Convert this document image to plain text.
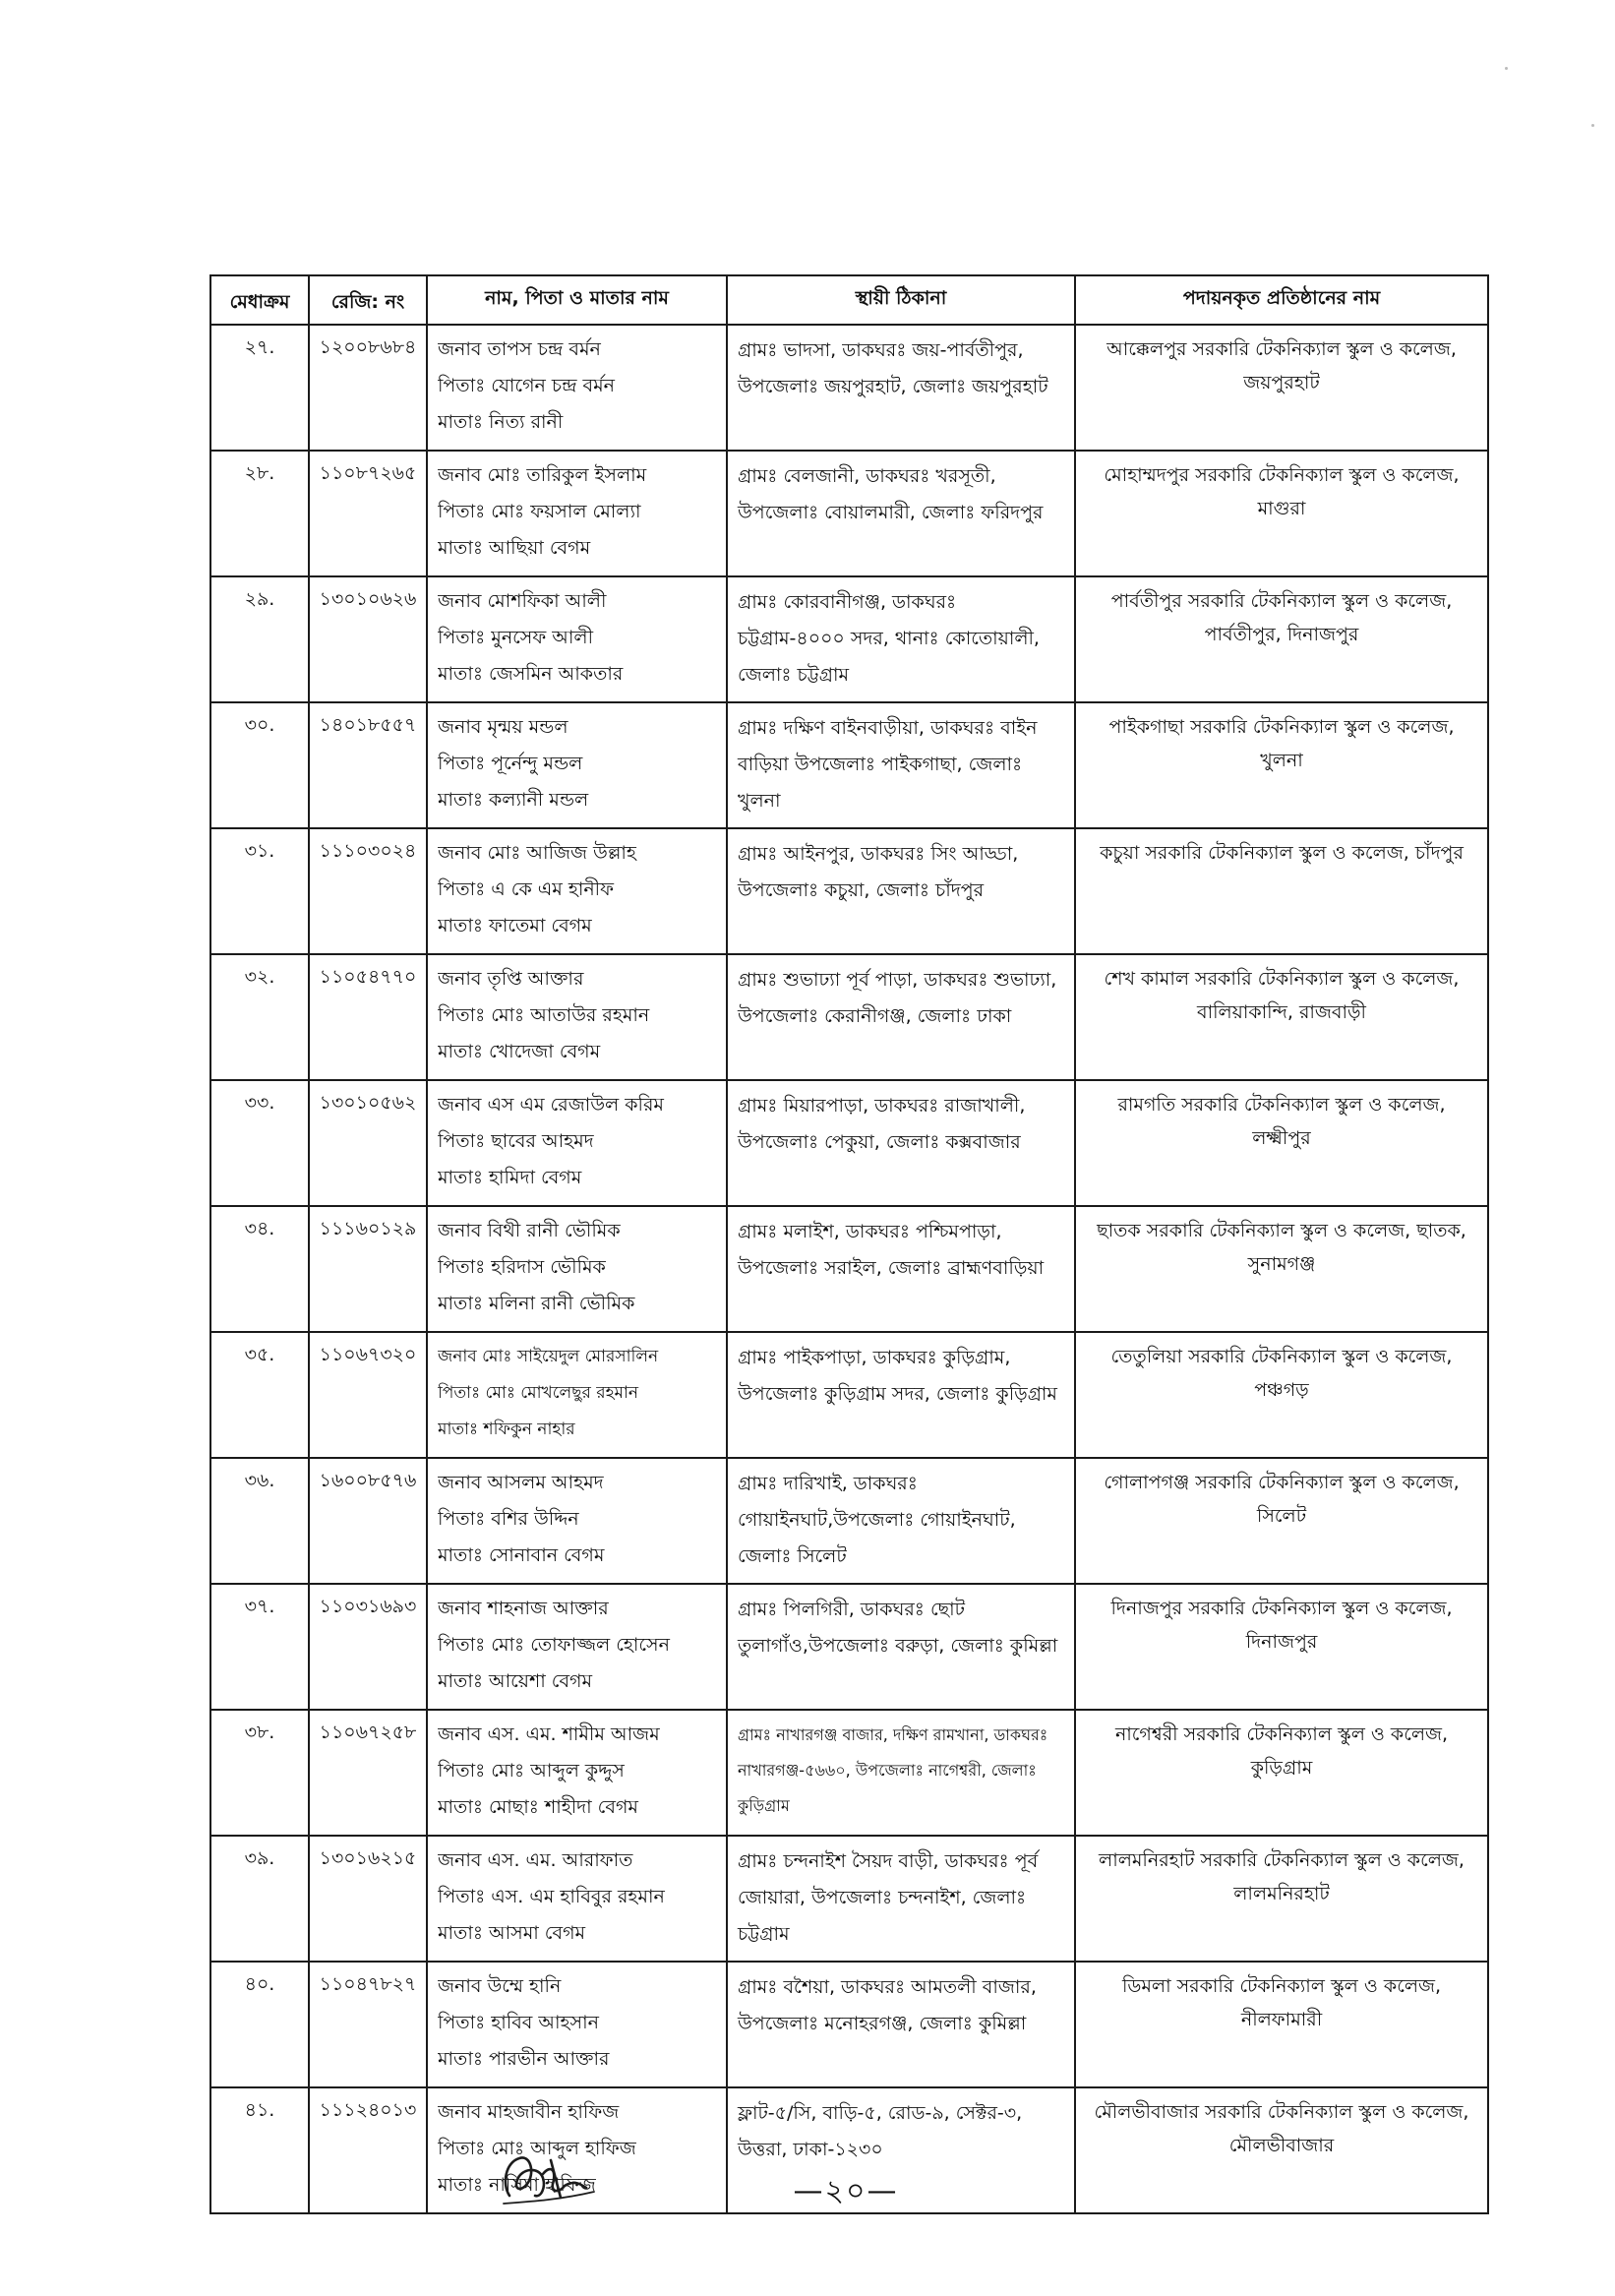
মেধাক্রম	রেজি: নং	নাম, পিতা ও মাতার নাম	স্থায়ী ঠিকানা	পদায়নকৃত প্রতিষ্ঠানের নাম
২৭.	১২০০৮৬৮৪	জনাব তাপস চন্দ্র বর্মন
পিতাঃ যোগেন চন্দ্র বর্মন
মাতাঃ নিত্য রানী	গ্রামঃ ভাদসা, ডাকঘরঃ জয়-পার্বতীপুর, উপজেলাঃ জয়পুরহাট, জেলাঃ জয়পুরহাট	আক্কেলপুর সরকারি টেকনিক্যাল স্কুল ও কলেজ, জয়পুরহাট

২৮.	১১০৮৭২৬৫	জনাব মোঃ তারিকুল ইসলাম
পিতাঃ মোঃ ফয়সাল মোল্যা
মাতাঃ আছিয়া বেগম	গ্রামঃ বেলজানী, ডাকঘরঃ খরসূতী, উপজেলাঃ বোয়ালমারী, জেলাঃ ফরিদপুর	মোহাম্মদপুর সরকারি টেকনিক্যাল স্কুল ও কলেজ, মাগুরা

২৯.	১৩০১০৬২৬	জনাব মোশফিকা আলী
পিতাঃ মুনসেফ আলী
মাতাঃ জেসমিন আকতার	গ্রামঃ কোরবানীগঞ্জ, ডাকঘরঃ চট্টগ্রাম-৪০০০ সদর, থানাঃ কোতোয়ালী, জেলাঃ চট্টগ্রাম	পার্বতীপুর সরকারি টেকনিক্যাল স্কুল ও কলেজ, পার্বতীপুর, দিনাজপুর

৩০.	১৪০১৮৫৫৭	জনাব মৃন্ময় মন্ডল
পিতাঃ পূর্নেন্দু মন্ডল
মাতাঃ কল্যানী মন্ডল	গ্রামঃ দক্ষিণ বাইনবাড়ীয়া, ডাকঘরঃ বাইন বাড়িয়া উপজেলাঃ পাইকগাছা, জেলাঃ খুলনা	পাইকগাছা সরকারি টেকনিক্যাল স্কুল ও কলেজ, খুলনা

৩১.	১১১০৩০২৪	জনাব মোঃ আজিজ উল্লাহ
পিতাঃ এ কে এম হানীফ
মাতাঃ ফাতেমা বেগম	গ্রামঃ আইনপুর, ডাকঘরঃ সিং আড্ডা, উপজেলাঃ কচুয়া, জেলাঃ চাঁদপুর	কচুয়া সরকারি টেকনিক্যাল স্কুল ও কলেজ, চাঁদপুর

৩২.	১১০৫৪৭৭০	জনাব তৃপ্তি আক্তার
পিতাঃ মোঃ আতাউর রহমান
মাতাঃ খোদেজা বেগম	গ্রামঃ শুভাঢ্যা পূর্ব পাড়া, ডাকঘরঃ শুভাঢ্যা, উপজেলাঃ কেরানীগঞ্জ, জেলাঃ ঢাকা	শেখ কামাল সরকারি টেকনিক্যাল স্কুল ও কলেজ, বালিয়াকান্দি, রাজবাড়ী

৩৩.	১৩০১০৫৬২	জনাব এস এম রেজাউল করিম
পিতাঃ ছাবের আহমদ
মাতাঃ হামিদা বেগম	গ্রামঃ মিয়ারপাড়া, ডাকঘরঃ রাজাখালী, উপজেলাঃ পেকুয়া, জেলাঃ কক্সবাজার	রামগতি সরকারি টেকনিক্যাল স্কুল ও কলেজ, লক্ষ্মীপুর

৩৪.	১১১৬০১২৯	জনাব বিথী রানী ভৌমিক
পিতাঃ হরিদাস ভৌমিক
মাতাঃ মলিনা রানী ভৌমিক	গ্রামঃ মলাইশ, ডাকঘরঃ পশ্চিমপাড়া, উপজেলাঃ সরাইল, জেলাঃ ব্রাহ্মণবাড়িয়া	ছাতক সরকারি টেকনিক্যাল স্কুল ও কলেজ, ছাতক, সুনামগঞ্জ

৩৫.	১১০৬৭৩২০	জনাব মোঃ সাইয়েদুল মোরসালিন
পিতাঃ মোঃ মোখলেছুর রহমান
মাতাঃ শফিকুন নাহার	গ্রামঃ পাইকপাড়া, ডাকঘরঃ কুড়িগ্রাম, উপজেলাঃ কুড়িগ্রাম সদর, জেলাঃ কুড়িগ্রাম	তেতুলিয়া সরকারি টেকনিক্যাল স্কুল ও কলেজ, পঞ্চগড়

৩৬.	১৬০০৮৫৭৬	জনাব আসলম আহমদ
পিতাঃ বশির উদ্দিন
মাতাঃ সোনাবান বেগম	গ্রামঃ দারিখাই, ডাকঘরঃ গোয়াইনঘাট,উপজেলাঃ গোয়াইনঘাট, জেলাঃ সিলেট	গোলাপগঞ্জ সরকারি টেকনিক্যাল স্কুল ও কলেজ, সিলেট

৩৭.	১১০৩১৬৯৩	জনাব শাহনাজ আক্তার
পিতাঃ মোঃ তোফাজ্জল হোসেন
মাতাঃ আয়েশা বেগম	গ্রামঃ পিলগিরী, ডাকঘরঃ ছোট তুলাগাঁও,উপজেলাঃ বরুড়া, জেলাঃ কুমিল্লা	দিনাজপুর সরকারি টেকনিক্যাল স্কুল ও কলেজ, দিনাজপুর

৩৮.	১১০৬৭২৫৮	জনাব এস. এম. শামীম আজম
পিতাঃ মোঃ আব্দুল কুদ্দুস
মাতাঃ মোছাঃ শাহীদা বেগম	গ্রামঃ নাখারগঞ্জ বাজার, দক্ষিণ রামখানা, ডাকঘরঃ নাখারগঞ্জ-৫৬৬০, উপজেলাঃ নাগেশ্বরী, জেলাঃ কুড়িগ্রাম	নাগেশ্বরী সরকারি টেকনিক্যাল স্কুল ও কলেজ, কুড়িগ্রাম

৩৯.	১৩০১৬২১৫	জনাব এস. এম. আরাফাত
পিতাঃ এস. এম হাবিবুর রহমান
মাতাঃ আসমা বেগম	গ্রামঃ চন্দনাইশ সৈয়দ বাড়ী, ডাকঘরঃ পূর্ব জোয়ারা, উপজেলাঃ চন্দনাইশ, জেলাঃ চট্টগ্রাম	লালমনিরহাট সরকারি টেকনিক্যাল স্কুল ও কলেজ, লালমনিরহাট

৪০.	১১০৪৭৮২৭	জনাব উম্মে হানি
পিতাঃ হাবিব আহসান
মাতাঃ পারভীন আক্তার	গ্রামঃ বশৈয়া, ডাকঘরঃ আমতলী বাজার, উপজেলাঃ মনোহরগঞ্জ, জেলাঃ কুমিল্লা	ডিমলা সরকারি টেকনিক্যাল স্কুল ও কলেজ, নীলফামারী

৪১.	১১১২৪০১৩	জনাব মাহজাবীন হাফিজ
পিতাঃ মোঃ আব্দুল হাফিজ
মাতাঃ নাসিমা হাফিজ	ফ্লাট-৫/সি, বাড়ি-৫, রোড-৯, সেক্টর-৩, উত্তরা, ঢাকা-১২৩০	মৌলভীবাজার সরকারি টেকনিক্যাল স্কুল ও কলেজ, মৌলভীবাজার
—২০—
